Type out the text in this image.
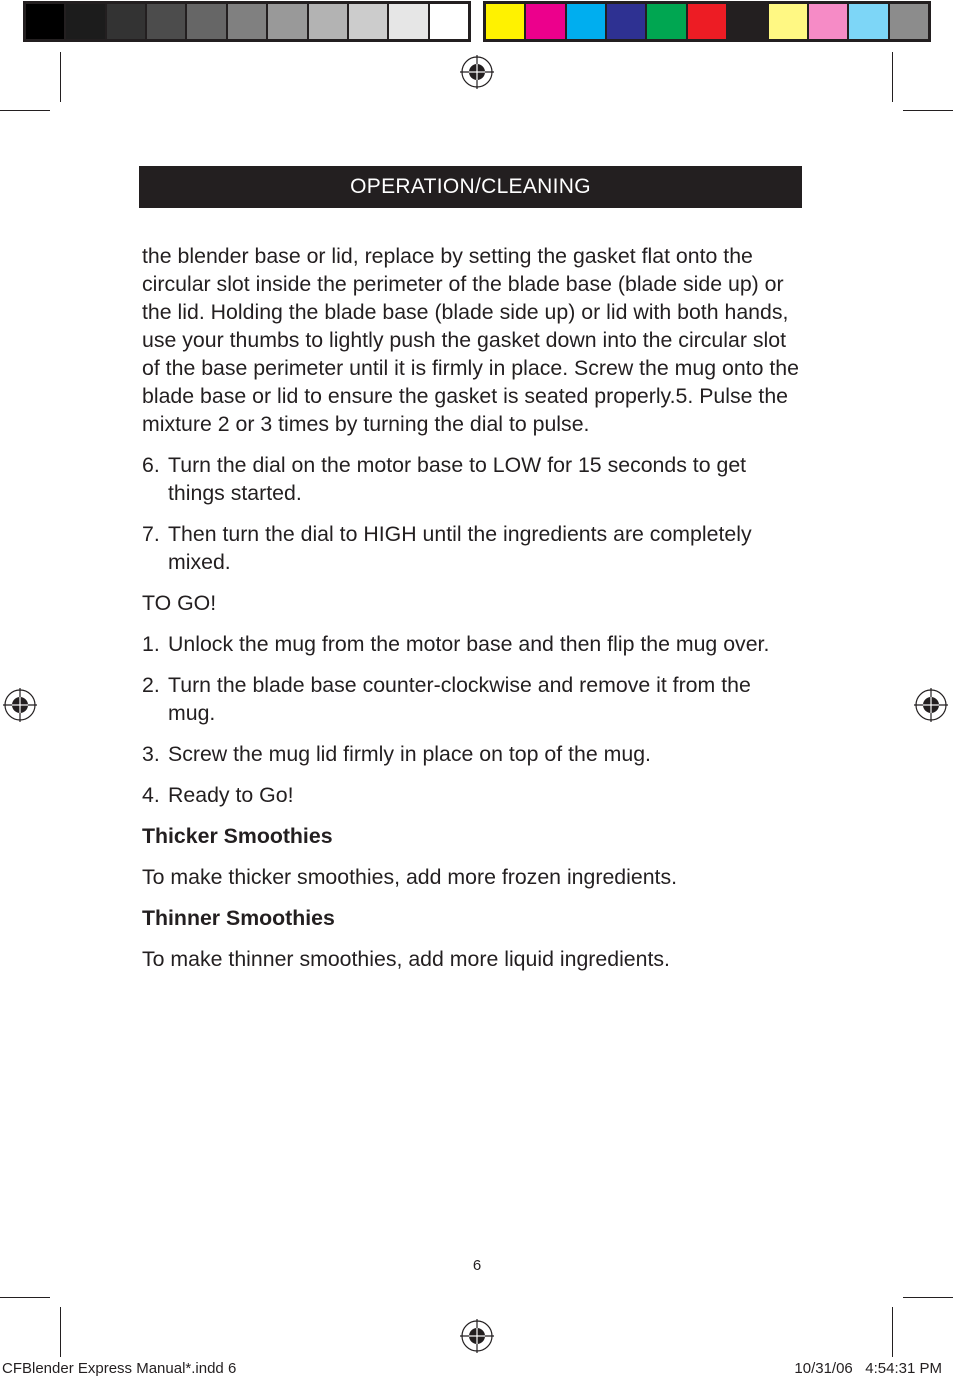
OPERATION/CLEANING

the blender base or lid, replace by setting the gasket flat onto the circular slot inside the perimeter of the blade base (blade side up) or the lid. Holding the blade base (blade side up) or lid with both hands, use your thumbs to lightly push the gasket down into the circular slot of the base perimeter until it is firmly in place. Screw the mug onto the blade base or lid to ensure the gasket is seated properly.5. Pulse the mixture 2 or 3 times by turning the dial to pulse.

6. Turn the dial on the motor base to LOW for 15 seconds to get things started.
7. Then turn the dial to HIGH until the ingredients are completely mixed.

TO GO!

1. Unlock the mug from the motor base and then flip the mug over.
2. Turn the blade base counter-clockwise and remove it from the mug.
3. Screw the mug lid firmly in place on top of the mug.
4. Ready to Go!

Thicker Smoothies

To make thicker smoothies, add more frozen ingredients.

Thinner Smoothies

To make thinner smoothies, add more liquid ingredients.

6
CFBlender Express Manual*.indd 6	10/31/06   4:54:31 PM
